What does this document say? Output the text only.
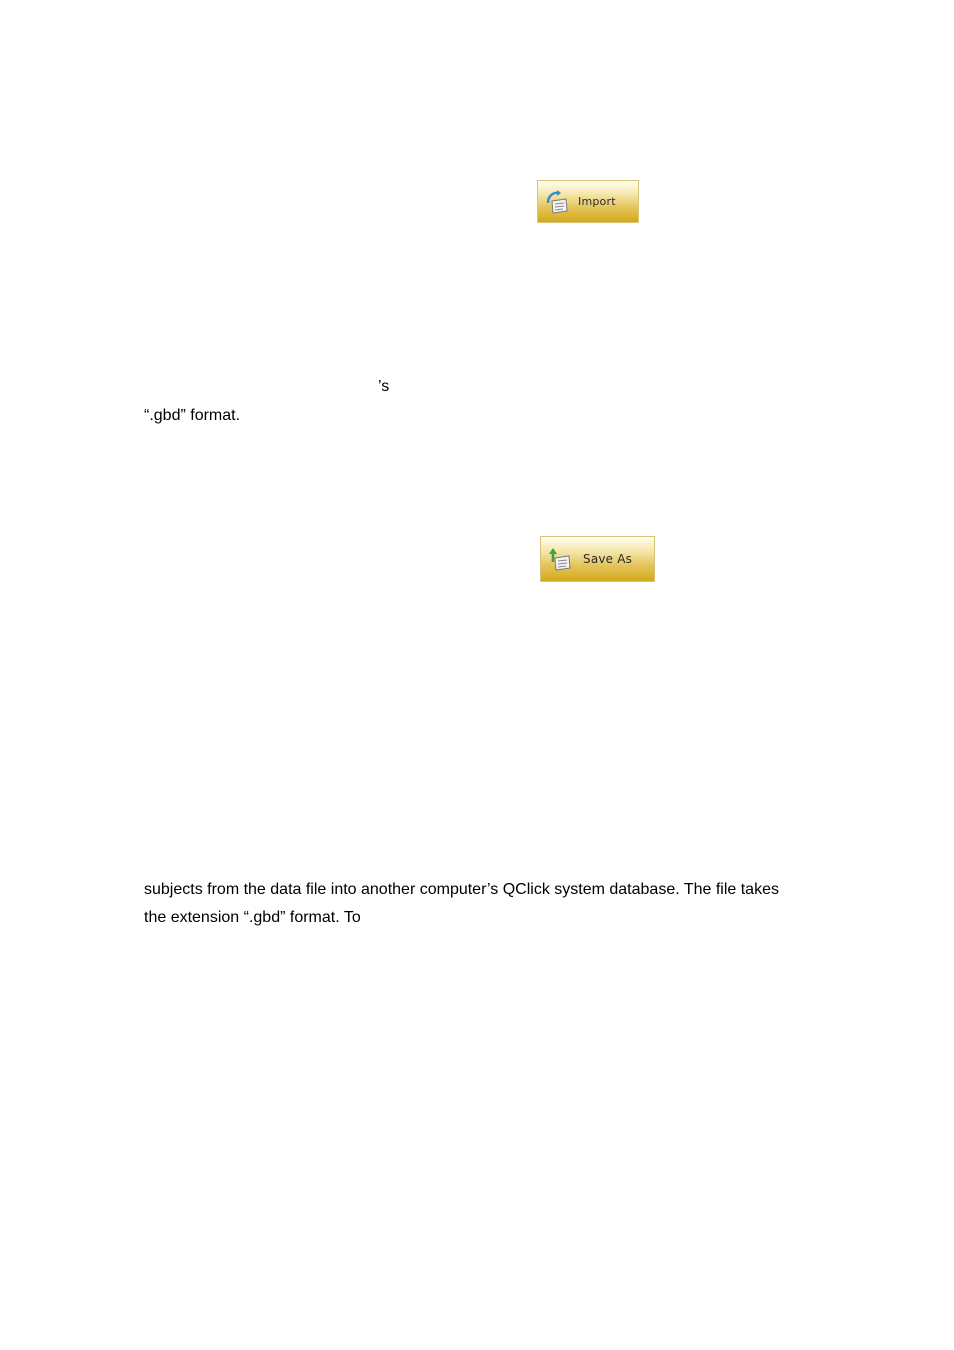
Import
’s
“.gbd” format.
Save As
subjects from the data file into another computer’s QClick system database. The file takes
the extension “.gbd” format. To
